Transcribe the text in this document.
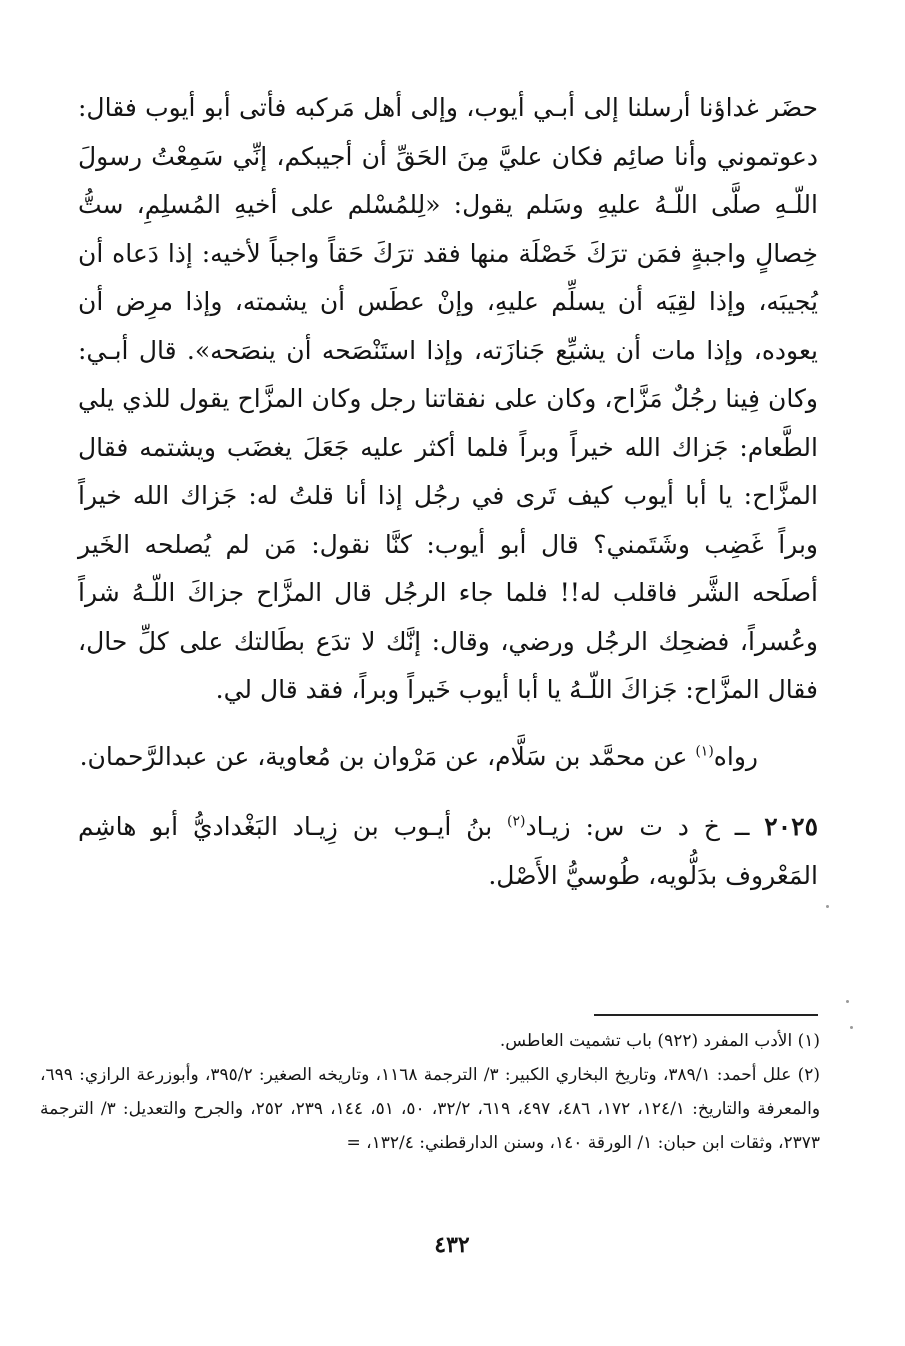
حضَر غداؤنا أرسلنا إلى أبـي أيوب، وإلى أهل مَركبه فأتى أبو أيوب فقال: دعوتموني وأنا صائِم فكان عليَّ مِنَ الحَقِّ أن أجيبكم، إنِّي سَمِعْتُ رسولَ اللّـهِ صلَّى اللّـهُ عليهِ وسَلم يقول: «لِلمُسْلم على أخيهِ المُسلِمِ، ستُّ خِصالٍ واجبةٍ فمَن ترَكَ خَصْلَة منها فقد ترَكَ حَقاً واجباً لأخيه: إذا دَعاه أن يُجيبَه، وإذا لقِيَه أن يسلِّم عليهِ، وإنْ عطَس أن يشمته، وإذا مرِض أن يعوده، وإذا مات أن يشيِّع جَنازَته، وإذا استَنْصَحه أن ينصَحه». قال أبـي: وكان فِينا رجُلٌ مَزَّاح، وكان على نفقاتنا رجل وكان المزَّاح يقول للذي يلي الطَّعام: جَزاك الله خيراً وبراً فلما أكثر عليه جَعَلَ يغضَب ويشتمه فقال المزَّاح: يا أبا أيوب كيف تَرى في رجُل إذا أنا قلتُ له: جَزاك الله خيراً وبراً غَضِب وشَتَمني؟ قال أبو أيوب: كنَّا نقول: مَن لم يُصلحه الخَير أصلَحه الشَّر فاقلب له!! فلما جاء الرجُل قال المزَّاح جزاكَ اللّـهُ شراً وعُسراً، فضحِك الرجُل ورضي، وقال: إنَّك لا تدَع بطَالتك على كلِّ حال، فقال المزَّاح: جَزاكَ اللّـهُ يا أبا أيوب خَيراً وبراً، فقد قال لي.

رواه$^{(١)}$ عن محمَّد بن سَلَّام، عن مَرْوان بن مُعاوية، عن عبدالرَّحمان.

٢٠٢٥ ــ خ د ت س: زيـاد$^{(٢)}$ بنُ أيـوب بن زِيـاد البَغْداديُّ أبو هاشِم المَعْروف بدَلُّويه، طُوسيُّ الأَصْل.

(١) الأدب المفرد (٩٢٢) باب تشميت العاطس.

(٢) علل أحمد: ٣٨٩/١، وتاريخ البخاري الكبير: ٣/ الترجمة ١١٦٨، وتاريخه الصغير: ٣٩٥/٢، وأبوزرعة الرازي: ٦٩٩، والمعرفة والتاريخ: ١٢٤/١، ١٧٢، ٤٨٦، ٤٩٧، ٦١٩، ٣٢/٢، ٥٠، ٥١، ١٤٤، ٢٣٩، ٢٥٢، والجرح والتعديل: ٣/ الترجمة ٢٣٧٣، وثقات ابن حبان: ١/ الورقة ١٤٠، وسنن الدارقطني: ١٣٢/٤، =

٤٣٢
